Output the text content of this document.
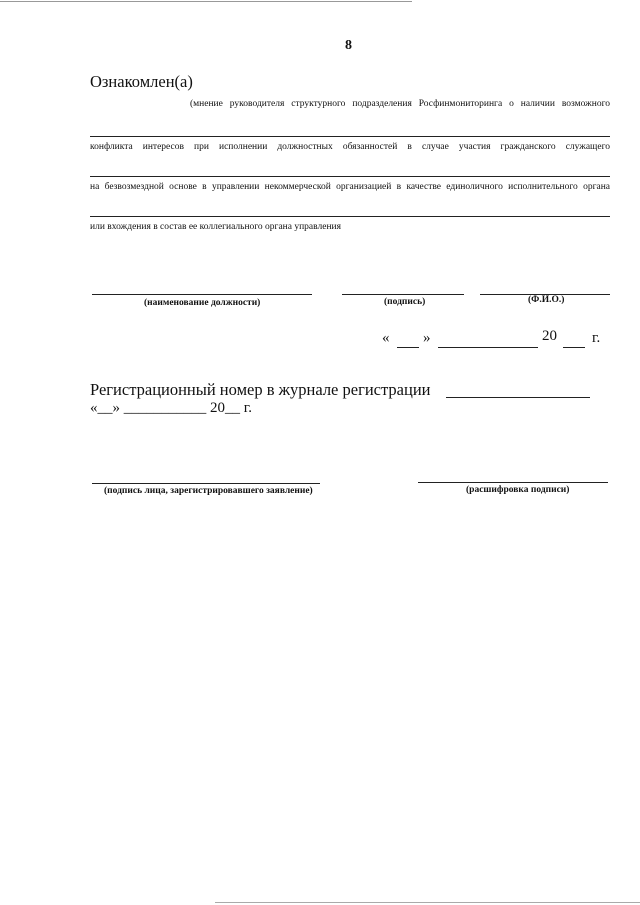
8
Ознакомлен(а)
(мнение руководителя структурного подразделения Росфинмониторинга о наличии возможного
конфликта интересов при исполнении должностных обязанностей в случае участия гражданского служащего
на безвозмездной основе в управлении некоммерческой организацией в качестве единоличного исполнительного органа
или вхождения в состав ее коллегиального органа управления
(наименование должности)	(подпись)	(Ф.И.О.)
« »	20 г.
Регистрационный номер в журнале регистрации
«__» ___________ 20__ г.
(подпись лица, зарегистрировавшего заявление)	(расшифровка подписи)
